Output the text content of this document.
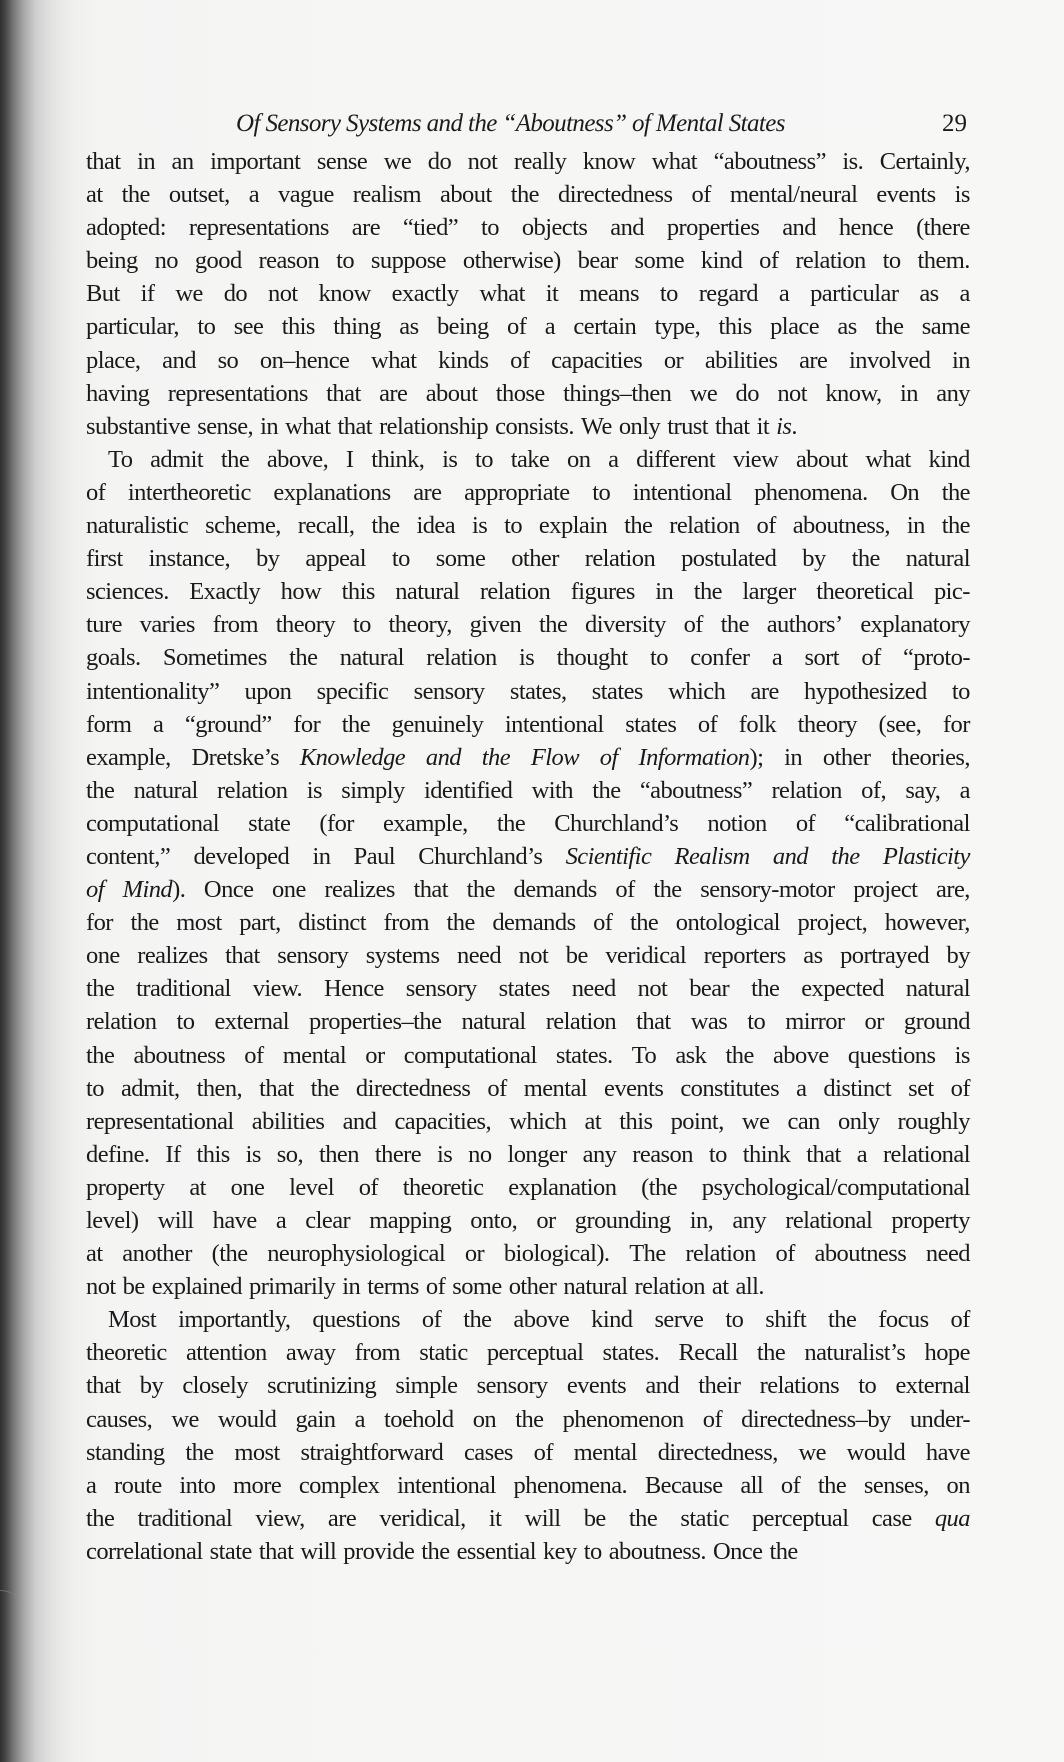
Of Sensory Systems and the “Aboutness” of Mental States	29
that in an important sense we do not really know what “aboutness” is. Certainly,
at the outset, a vague realism about the directedness of mental/neural events is
adopted: representations are “tied” to objects and properties and hence (there
being no good reason to suppose otherwise) bear some kind of relation to them.
But if we do not know exactly what it means to regard a particular as a
particular, to see this thing as being of a certain type, this place as the same
place, and so on–hence what kinds of capacities or abilities are involved in
having representations that are about those things–then we do not know, in any
substantive sense, in what that relationship consists. We only trust that it is.
To admit the above, I think, is to take on a different view about what kind
of intertheoretic explanations are appropriate to intentional phenomena. On the
naturalistic scheme, recall, the idea is to explain the relation of aboutness, in the
first instance, by appeal to some other relation postulated by the natural
sciences. Exactly how this natural relation figures in the larger theoretical pic-
ture varies from theory to theory, given the diversity of the authors’ explanatory
goals. Sometimes the natural relation is thought to confer a sort of “proto-
intentionality” upon specific sensory states, states which are hypothesized to
form a “ground” for the genuinely intentional states of folk theory (see, for
example, Dretske’s Knowledge and the Flow of Information); in other theories,
the natural relation is simply identified with the “aboutness” relation of, say, a
computational state (for example, the Churchland’s notion of “calibrational
content,” developed in Paul Churchland’s Scientific Realism and the Plasticity
of Mind). Once one realizes that the demands of the sensory-motor project are,
for the most part, distinct from the demands of the ontological project, however,
one realizes that sensory systems need not be veridical reporters as portrayed by
the traditional view. Hence sensory states need not bear the expected natural
relation to external properties–the natural relation that was to mirror or ground
the aboutness of mental or computational states. To ask the above questions is
to admit, then, that the directedness of mental events constitutes a distinct set of
representational abilities and capacities, which at this point, we can only roughly
define. If this is so, then there is no longer any reason to think that a relational
property at one level of theoretic explanation (the psychological/computational
level) will have a clear mapping onto, or grounding in, any relational property
at another (the neurophysiological or biological). The relation of aboutness need
not be explained primarily in terms of some other natural relation at all.
Most importantly, questions of the above kind serve to shift the focus of
theoretic attention away from static perceptual states. Recall the naturalist’s hope
that by closely scrutinizing simple sensory events and their relations to external
causes, we would gain a toehold on the phenomenon of directedness–by under-
standing the most straightforward cases of mental directedness, we would have
a route into more complex intentional phenomena. Because all of the senses, on
the traditional view, are veridical, it will be the static perceptual case qua
correlational state that will provide the essential key to aboutness. Once the
